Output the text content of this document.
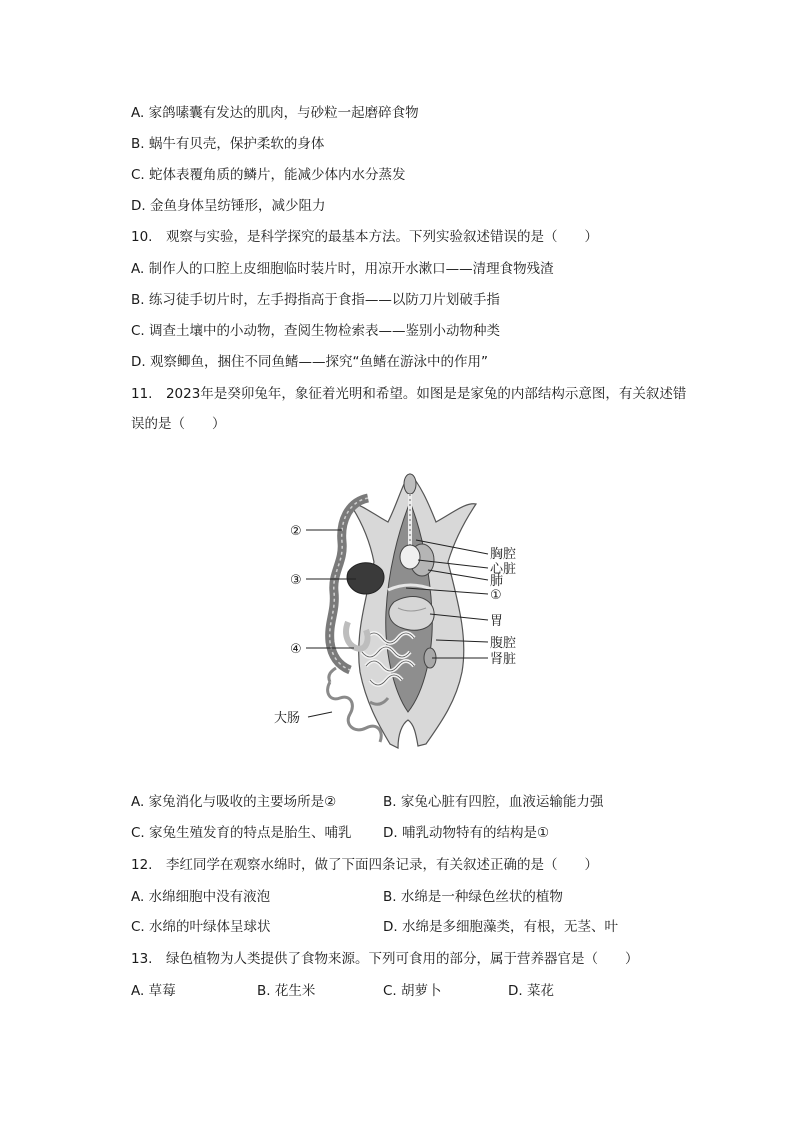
A. 家鸽嗉囊有发达的肌肉，与砂粒一起磨碎食物
B. 蜗牛有贝壳，保护柔软的身体
C. 蛇体表覆角质的鳞片，能减少体内水分蒸发
D. 金鱼身体呈纺锤形，减少阻力
10.　观察与实验，是科学探究的最基本方法。下列实验叙述错误的是（　　）
A. 制作人的口腔上皮细胞临时装片时，用凉开水漱口——清理食物残渣
B. 练习徒手切片时，左手拇指高于食指——以防刀片划破手指
C. 调查土壤中的小动物，查阅生物检索表——鉴别小动物种类
D. 观察鲫鱼，捆住不同鱼鳍——探究“鱼鳍在游泳中的作用”
11.　2023年是癸卯兔年，象征着光明和希望。如图是是家兔的内部结构示意图，有关叙述错
误的是（　　）
②
③
④
大肠
胸腔
心脏
肺
①
胃
腹腔
肾脏
A. 家兔消化与吸收的主要场所是②	B. 家兔心脏有四腔，血液运输能力强
C. 家兔生殖发育的特点是胎生、哺乳 D. 哺乳动物特有的结构是①
12.　李红同学在观察水绵时，做了下面四条记录，有关叙述正确的是（　　）
A. 水绵细胞中没有液泡	B. 水绵是一种绿色丝状的植物
C. 水绵的叶绿体呈球状	D. 水绵是多细胞藻类，有根，无茎、叶
13.　绿色植物为人类提供了食物来源。下列可食用的部分，属于营养器官是（　　）
A. 草莓	B. 花生米	C. 胡萝卜	D. 菜花
